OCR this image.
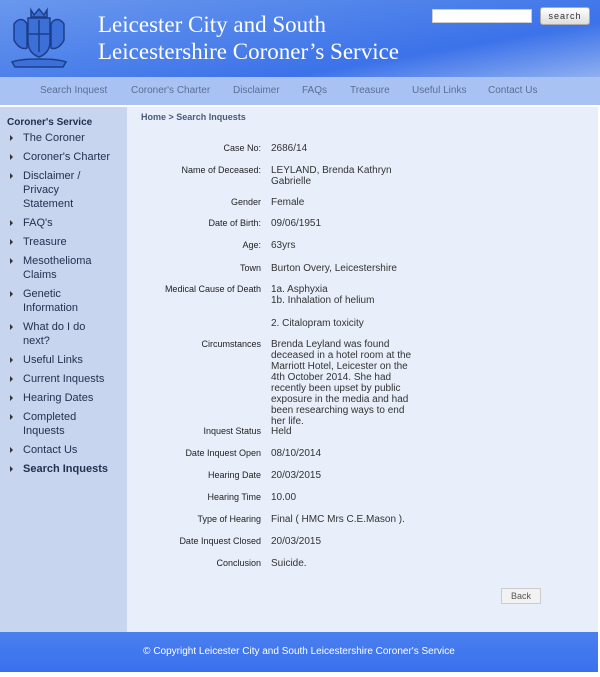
Leicester City and South
Leicestershire Coroner’s Service
search
Search Inquest Coroner's Charter Disclaimer FAQs Treasure Useful Links Contact Us
Coroner's Service
The Coroner
Coroner's Charter
Disclaimer / Privacy Statement
FAQ's
Treasure
Mesothelioma Claims
Genetic Information
What do I do next?
Useful Links
Current Inquests
Hearing Dates
Completed Inquests
Contact Us
Search Inquests
Home > Search Inquests
Case No:	2686/14
Name of Deceased:	LEYLAND, Brenda Kathryn Gabrielle
Gender	Female
Date of Birth:	09/06/1951
Age:	63yrs
Town	Burton Overy, Leicestershire
Medical Cause of Death	1a. Asphyxia
1b. Inhalation of helium
2. Citalopram toxicity
Circumstances	Brenda Leyland was found deceased in a hotel room at the Marriott Hotel, Leicester on the 4th October 2014. She had recently been upset by public exposure in the media and had been researching ways to end her life.
Inquest Status	Held
Date Inquest Open	08/10/2014
Hearing Date	20/03/2015
Hearing Time	10.00
Type of Hearing	Final ( HMC Mrs C.E.Mason ).
Date Inquest Closed	20/03/2015
Conclusion	Suicide.
Back
© Copyright Leicester City and South Leicestershire Coroner's Service
